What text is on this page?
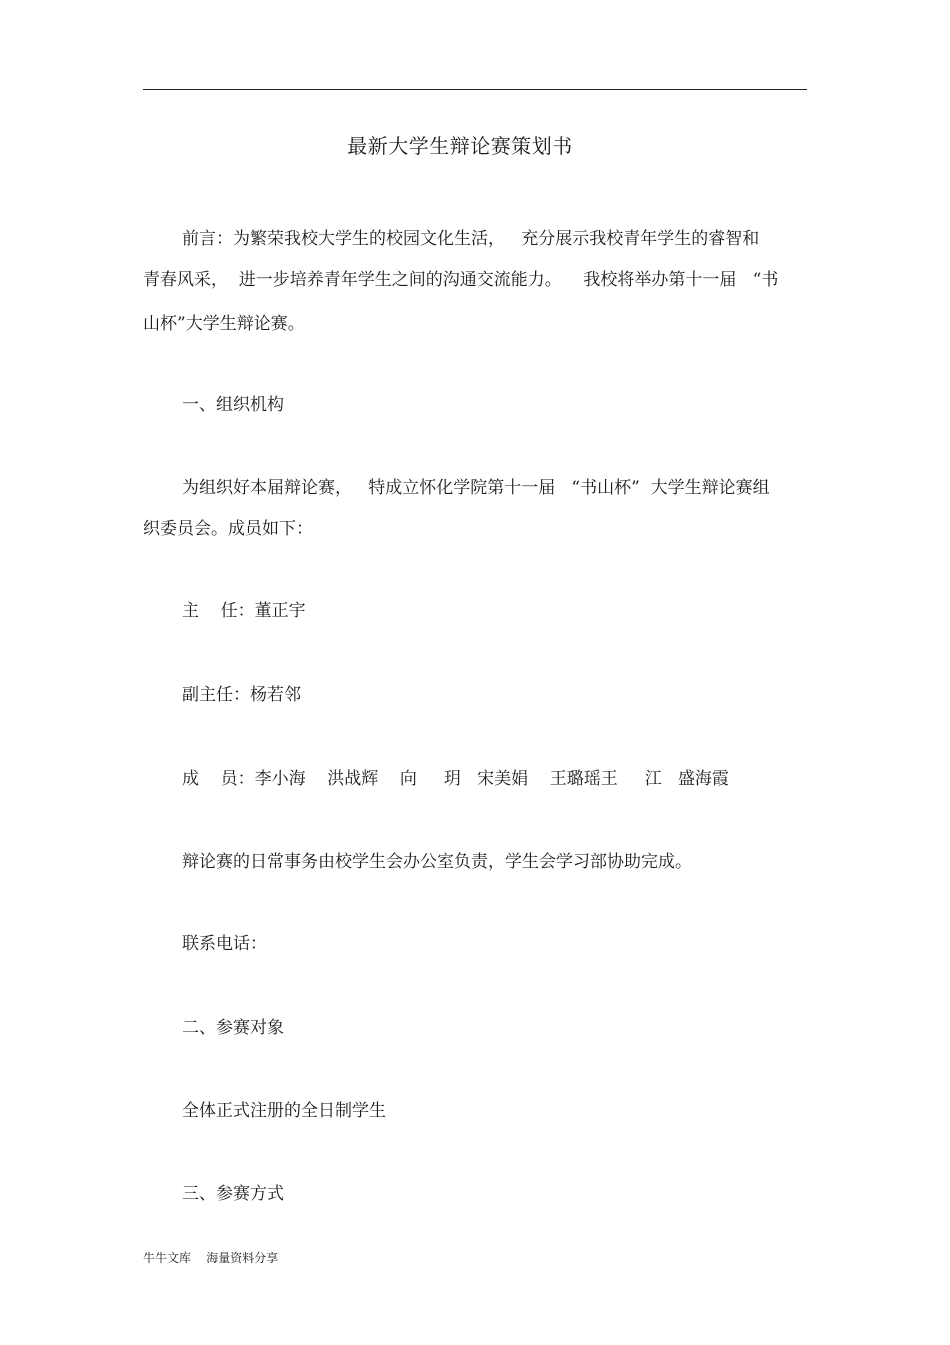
最新大学生辩论赛策划书
前言：为繁荣我校大学生的校园文化生活，   充分展示我校青年学生的睿智和
青春风采，  进一步培养青年学生之间的沟通交流能力。    我校将举办第十一届   “书
山杯”大学生辩论赛。
一、组织机构
为组织好本届辩论赛，   特成立怀化学院第十一届   “书山杯”  大学生辩论赛组
织委员会。成员如下：
主    任：董正宇
副主任：杨若邻
成    员：李小海    洪战辉    向     玥   宋美娟    王璐瑶王     江   盛海霞
辩论赛的日常事务由校学生会办公室负责，学生会学习部协助完成。
联系电话：
二、参赛对象
全体正式注册的全日制学生
三、参赛方式
牛牛文库    海量资料分享
